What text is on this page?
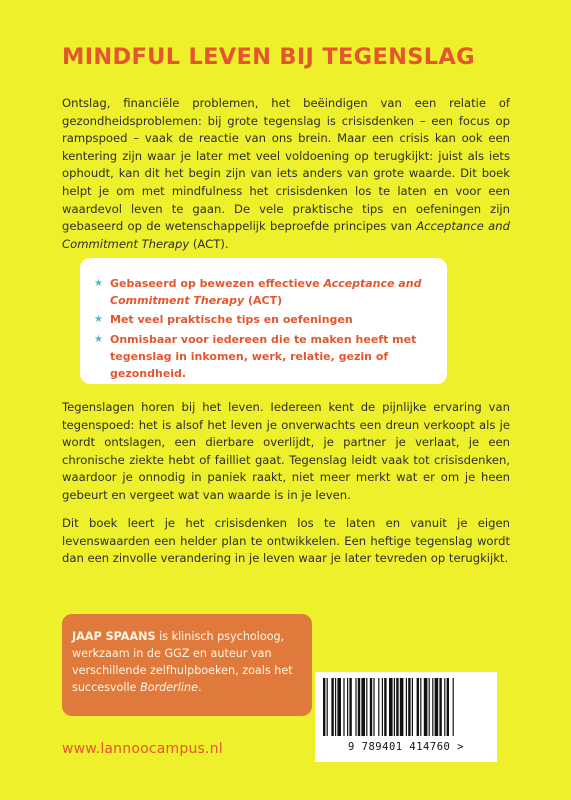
MINDFUL LEVEN BIJ TEGENSLAG

Ontslag, financiële problemen, het beëindigen van een relatie of gezondheidsproblemen: bij grote tegenslag is crisisdenken – een focus op rampspoed – vaak de reactie van ons brein. Maar een crisis kan ook een kentering zijn waar je later met veel voldoening op terugkijkt: juist als iets ophoudt, kan dit het begin zijn van iets anders van grote waarde. Dit boek helpt je om met mindfulness het crisisdenken los te laten en voor een waardevol leven te gaan. De vele praktische tips en oefeningen zijn gebaseerd op de wetenschappelijk beproefde principes van Acceptance and Commitment Therapy (ACT).

★ Gebaseerd op bewezen effectieve Acceptance and Commitment Therapy (ACT)
★ Met veel praktische tips en oefeningen
★ Onmisbaar voor iedereen die te maken heeft met tegenslag in inkomen, werk, relatie, gezin of gezondheid.

Tegenslagen horen bij het leven. Iedereen kent de pijnlijke ervaring van tegenspoed: het is alsof het leven je onverwachts een dreun verkoopt als je wordt ontslagen, een dierbare overlijdt, je partner je verlaat, je een chronische ziekte hebt of failliet gaat. Tegenslag leidt vaak tot crisisdenken, waardoor je onnodig in paniek raakt, niet meer merkt wat er om je heen gebeurt en vergeet wat van waarde is in je leven.

Dit boek leert je het crisisdenken los te laten en vanuit je eigen levenswaarden een helder plan te ontwikkelen. Een heftige tegenslag wordt dan een zinvolle verandering in je leven waar je later tevreden op terugkijkt.

JAAP SPAANS is klinisch psycholoog, werkzaam in de GGZ en auteur van verschillende zelfhulpboeken, zoals het succesvolle Borderline.

www.lannoocampus.nl	9 789401 414760 >
